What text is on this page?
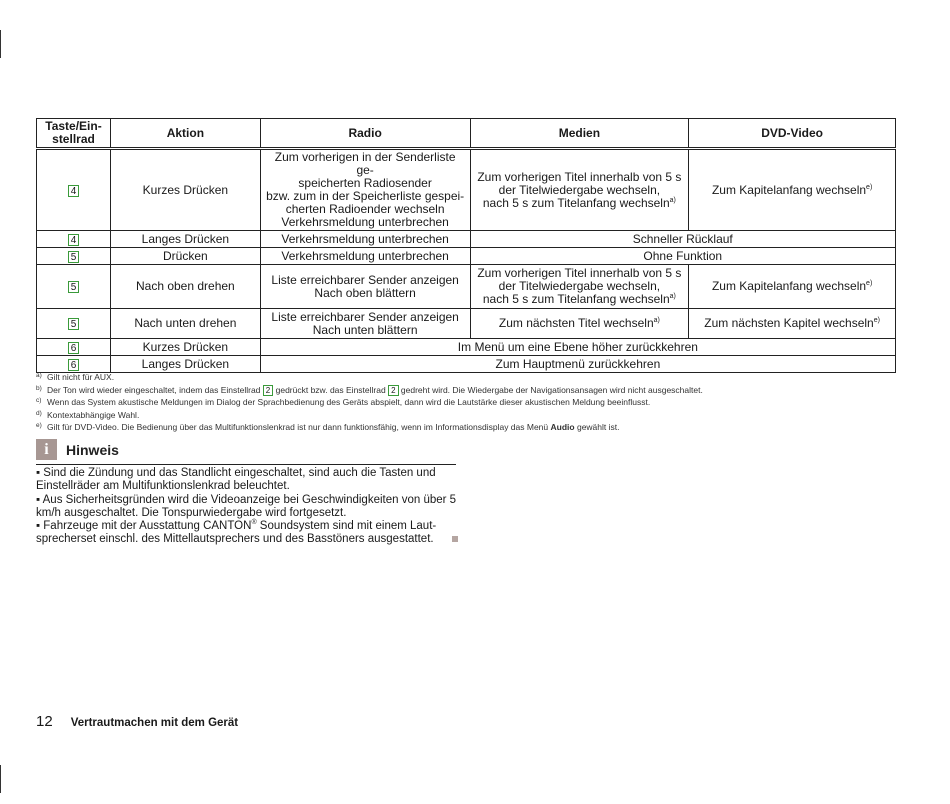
Taste/Ein-
stellrad	Aktion	Radio	Medien	DVD-Video
4	Kurzes Drücken	Zum vorherigen in der Senderliste ge-
speicherten Radiosender
bzw. zum in der Speicherliste gespei-
cherten Radioender wechseln
Verkehrsmeldung unterbrechen	Zum vorherigen Titel innerhalb von 5 s
der Titelwiedergabe wechseln,
nach 5 s zum Titelanfang wechseln$^{a)}$	Zum Kapitelanfang wechseln$^{e)}$
4	Langes Drücken	Verkehrsmeldung unterbrechen	Schneller Rücklauf	
5	Drücken	Verkehrsmeldung unterbrechen	Ohne Funktion	
5	Nach oben drehen	Liste erreichbarer Sender anzeigen
Nach oben blättern	Zum vorherigen Titel innerhalb von 5 s
der Titelwiedergabe wechseln,
nach 5 s zum Titelanfang wechseln$^{a)}$	Zum Kapitelanfang wechseln$^{e)}$
5	Nach unten drehen	Liste erreichbarer Sender anzeigen
Nach unten blättern	Zum nächsten Titel wechseln$^{a)}$	Zum nächsten Kapitel wechseln$^{e)}$
6	Kurzes Drücken	Im Menü um eine Ebene höher zurückkehren		
6	Langes Drücken	Zum Hauptmenü zurückkehren		
a) Gilt nicht für AUX.
b) Der Ton wird wieder eingeschaltet, indem das Einstellrad 2 gedrückt bzw. das Einstellrad 2 gedreht wird. Die Wiedergabe der Navigationsansagen wird nicht ausgeschaltet.
c) Wenn das System akustische Meldungen im Dialog der Sprachbedienung des Geräts abspielt, dann wird die Lautstärke dieser akustischen Meldung beeinflusst.
d) Kontextabhängige Wahl.
e) Gilt für DVD-Video. Die Bedienung über das Multifunktionslenkrad ist nur dann funktionsfähig, wenn im Informationsdisplay das Menü Audio gewählt ist.
i	Hinweis

▪ Sind die Zündung und das Standlicht eingeschaltet, sind auch die Tasten und Einstellräder am Multifunktionslenkrad beleuchtet.

▪ Aus Sicherheitsgründen wird die Videoanzeige bei Geschwindigkeiten von über 5 km/h ausgeschaltet. Die Tonspurwiedergabe wird fortgesetzt.

▪ Fahrzeuge mit der Ausstattung CANTON® Soundsystem sind mit einem Laut-sprecherset einschl. des Mittellautsprechers und des Basstöners ausgestattet.

12 Vertrautmachen mit dem Gerät
